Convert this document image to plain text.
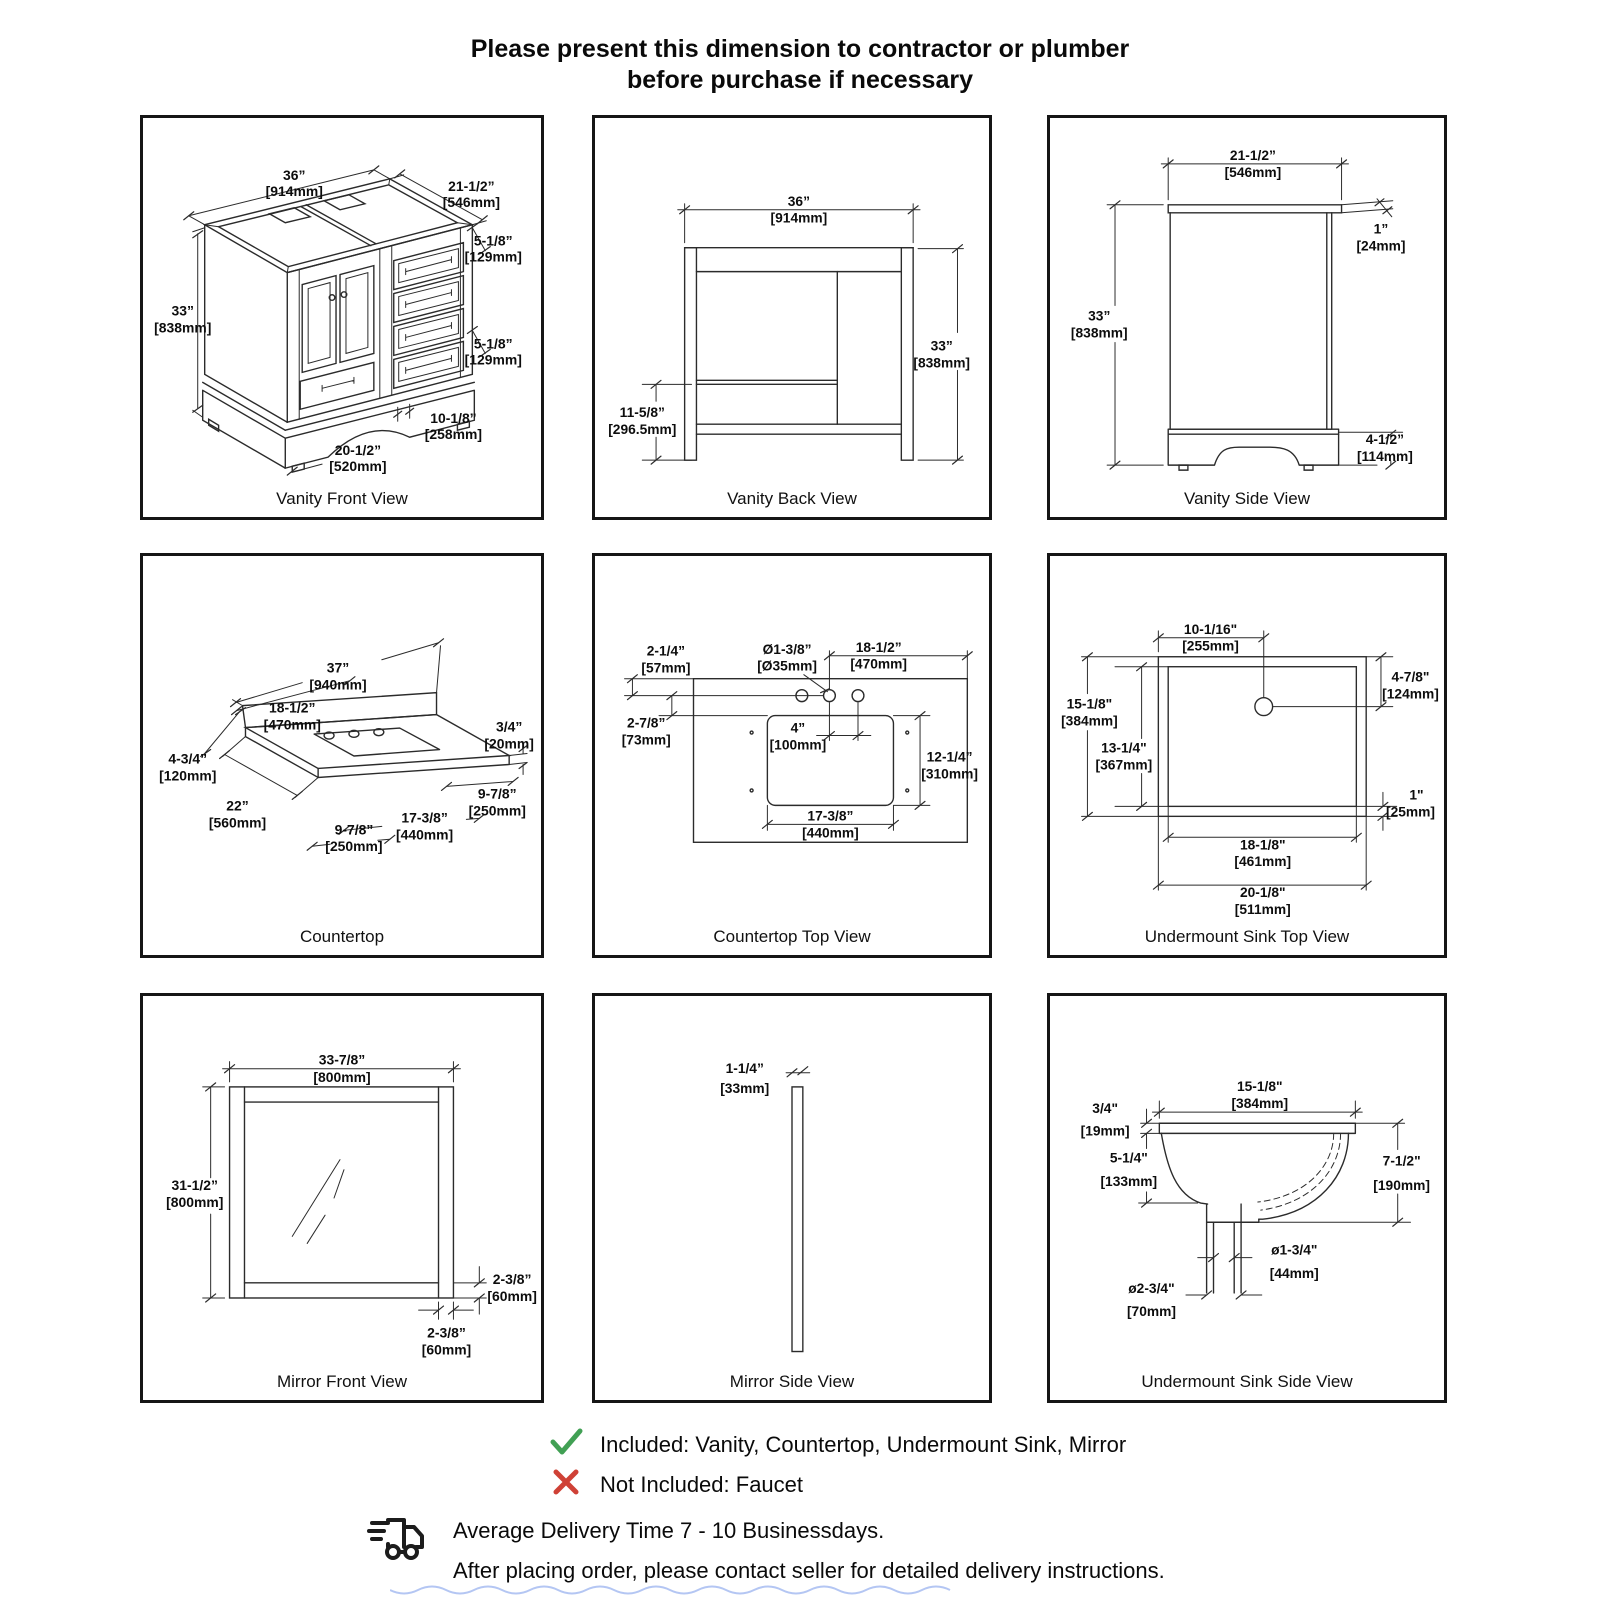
Please present this dimension to contractor or plumber
before purchase if necessary
36”
[914mm]	21-1/2”
[546mm]
5-1/8”
[129mm]
33”
[838mm]
5-1/8”
[129mm]
10-1/8”
[258mm]
20-1/2”
[520mm]
Vanity Front View
36”
[914mm]
33”
[838mm]
11-5/8”
[296.5mm]
Vanity Back View
21-1/2”
[546mm]
1”
[24mm]
33”
[838mm]
4-1/2”
[114mm]
Vanity Side View
37”
[940mm]
18-1/2”
[470mm]
4-3/4”
[120mm]
22”
[560mm]
3/4”
[20mm]
9-7/8”
[250mm]
17-3/8”
[440mm]
9-7/8”
[250mm]
Countertop
2-1/4”
[57mm]
Ø1-3/8”
[Ø35mm]
18-1/2”
[470mm]
2-7/8”
[73mm]
4”
[100mm]
12-1/4”
[310mm]
17-3/8”
[440mm]
Countertop Top View
10-1/16"
[255mm]
15-1/8"
[384mm]
13-1/4"
[367mm]
4-7/8"
[124mm]
1"
[25mm]
18-1/8"
[461mm]
20-1/8"
[511mm]
Undermount Sink Top View
33-7/8”
[800mm]
31-1/2”
[800mm]
2-3/8”
[60mm]
2-3/8”
[60mm]
Mirror Front View
1-1/4”
[33mm]
Mirror Side View
15-1/8"
[384mm]
3/4"
[19mm]
5-1/4"
[133mm]
7-1/2"
[190mm]
ø1-3/4"
[44mm]
ø2-3/4"
[70mm]
Undermount Sink Side View
Included: Vanity, Countertop, Undermount Sink, Mirror
Not Included: Faucet
Average Delivery Time 7 - 10 Businessdays.
After placing order, please contact seller for detailed delivery instructions.
